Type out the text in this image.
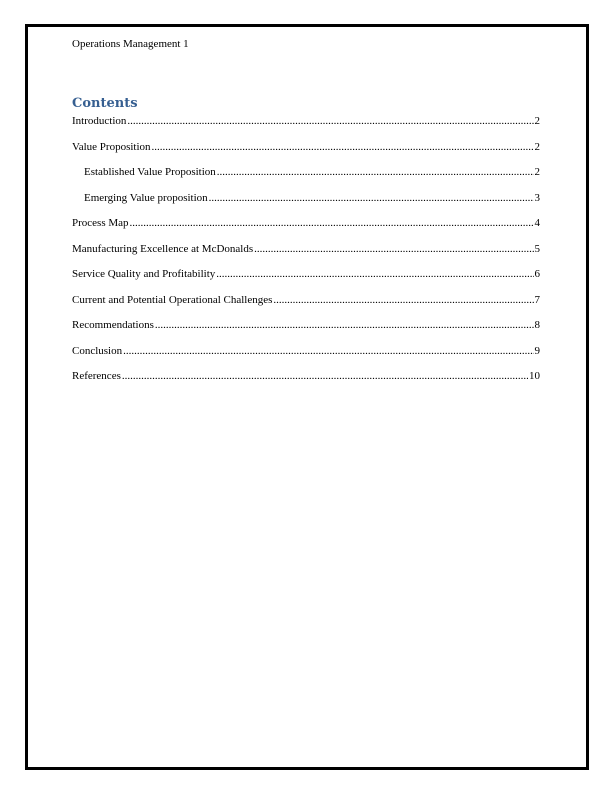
Operations Management 1
Contents
Introduction .....	2
Value Proposition .....	2
Established Value Proposition .....	2
Emerging Value proposition .....	3
Process Map .....	4
Manufacturing Excellence at McDonalds .....	5
Service Quality and Profitability .....	6
Current and Potential Operational Challenges .....	7
Recommendations .....	8
Conclusion .....	9
References .....	10
